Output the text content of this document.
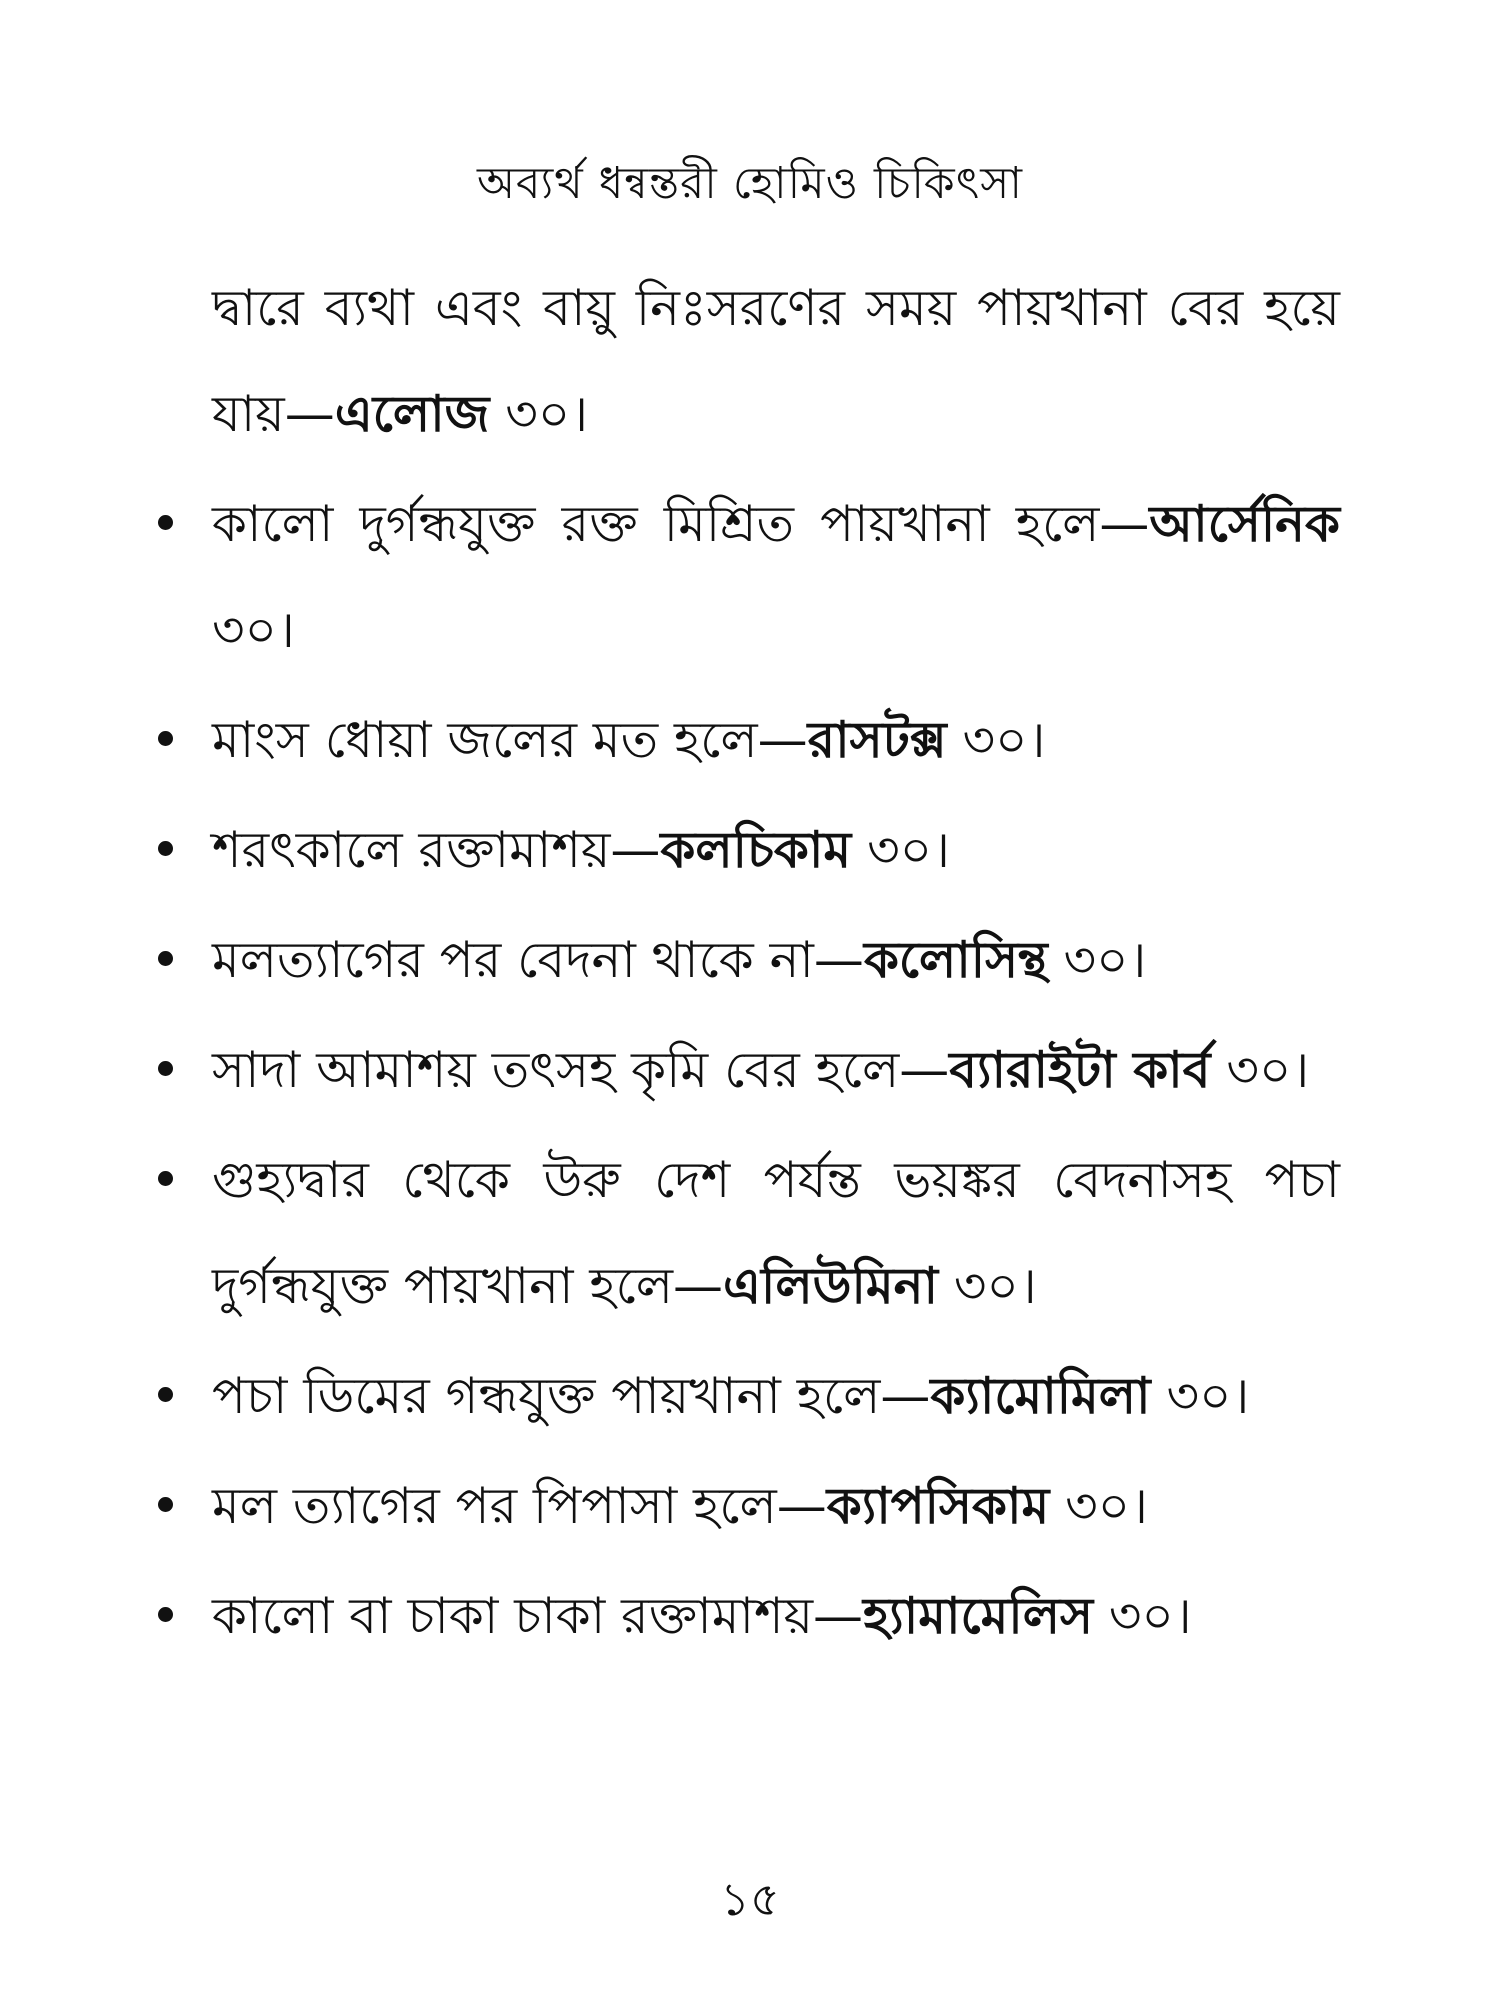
অব্যর্থ ধন্বন্তরী হোমিও চিকিৎসা
দ্বারে ব্যথা এবং বায়ু নিঃসরণের সময় পায়খানা বের হয়ে যায়—এলোজ ৩০।
কালো দুর্গন্ধযুক্ত রক্ত মিশ্রিত পায়খানা হলে—আর্সেনিক ৩০।
মাংস ধোয়া জলের মত হলে—রাসটক্স ৩০।
শরৎকালে রক্তামাশয়—কলচিকাম ৩০।
মলত্যাগের পর বেদনা থাকে না—কলোসিন্থ ৩০।
সাদা আমাশয় তৎসহ কৃমি বের হলে—ব্যারাইটা কার্ব ৩০।
গুহ্যদ্বার থেকে উরু দেশ পর্যন্ত ভয়ঙ্কর বেদনাসহ পচা দুর্গন্ধযুক্ত পায়খানা হলে—এলিউমিনা ৩০।
পচা ডিমের গন্ধযুক্ত পায়খানা হলে—ক্যামোমিলা ৩০।
মল ত্যাগের পর পিপাসা হলে—ক্যাপসিকাম ৩০।
কালো বা চাকা চাকা রক্তামাশয়—হ্যামামেলিস ৩০।
১৫
